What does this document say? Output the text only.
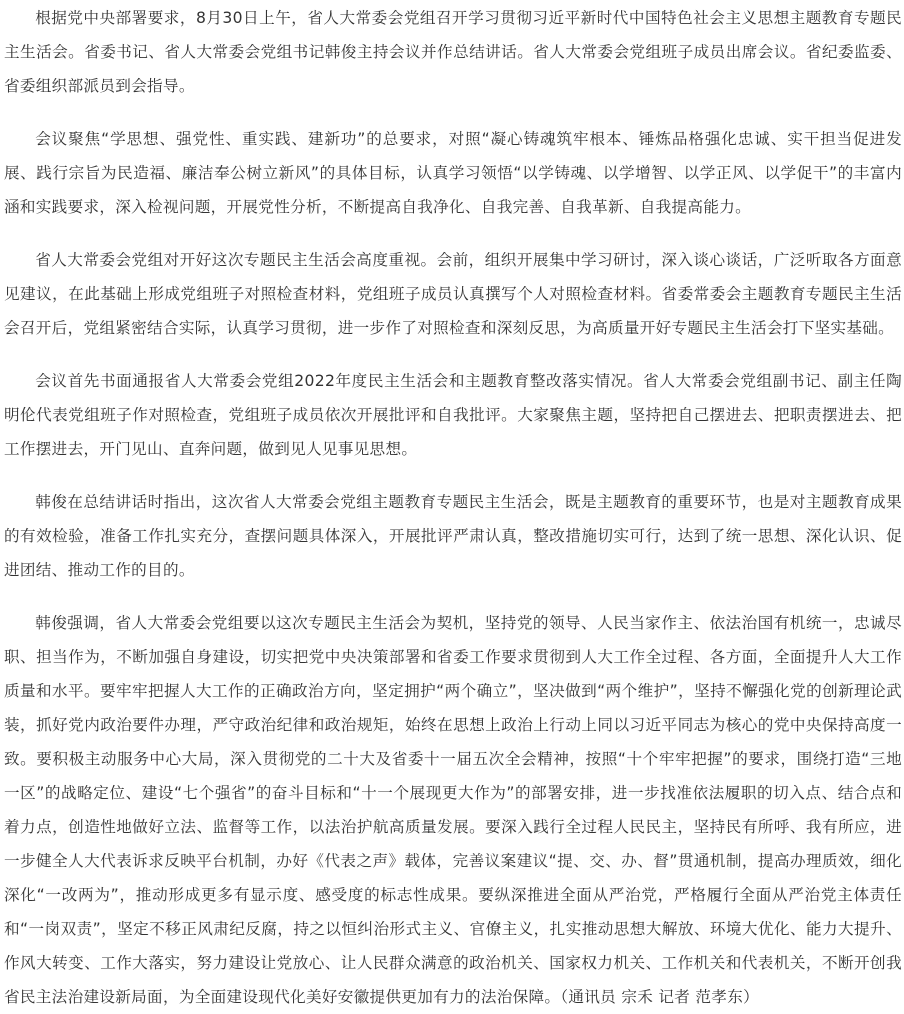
根据党中央部署要求，8月30日上午，省人大常委会党组召开学习贯彻习近平新时代中国特色社会主义思想主题教育专题民主生活会。省委书记、省人大常委会党组书记韩俊主持会议并作总结讲话。省人大常委会党组班子成员出席会议。省纪委监委、省委组织部派员到会指导。

会议聚焦“学思想、强党性、重实践、建新功”的总要求，对照“凝心铸魂筑牢根本、锤炼品格强化忠诚、实干担当促进发展、践行宗旨为民造福、廉洁奉公树立新风”的具体目标，认真学习领悟“以学铸魂、以学增智、以学正风、以学促干”的丰富内涵和实践要求，深入检视问题，开展党性分析，不断提高自我净化、自我完善、自我革新、自我提高能力。

省人大常委会党组对开好这次专题民主生活会高度重视。会前，组织开展集中学习研讨，深入谈心谈话，广泛听取各方面意见建议，在此基础上形成党组班子对照检查材料，党组班子成员认真撰写个人对照检查材料。省委常委会主题教育专题民主生活会召开后，党组紧密结合实际，认真学习贯彻，进一步作了对照检查和深刻反思，为高质量开好专题民主生活会打下坚实基础。

会议首先书面通报省人大常委会党组2022年度民主生活会和主题教育整改落实情况。省人大常委会党组副书记、副主任陶明伦代表党组班子作对照检查，党组班子成员依次开展批评和自我批评。大家聚焦主题，坚持把自己摆进去、把职责摆进去、把工作摆进去，开门见山、直奔问题，做到见人见事见思想。

韩俊在总结讲话时指出，这次省人大常委会党组主题教育专题民主生活会，既是主题教育的重要环节，也是对主题教育成果的有效检验，准备工作扎实充分，查摆问题具体深入，开展批评严肃认真，整改措施切实可行，达到了统一思想、深化认识、促进团结、推动工作的目的。

韩俊强调，省人大常委会党组要以这次专题民主生活会为契机，坚持党的领导、人民当家作主、依法治国有机统一，忠诚尽职、担当作为，不断加强自身建设，切实把党中央决策部署和省委工作要求贯彻到人大工作全过程、各方面，全面提升人大工作质量和水平。要牢牢把握人大工作的正确政治方向，坚定拥护“两个确立”，坚决做到“两个维护”，坚持不懈强化党的创新理论武装，抓好党内政治要件办理，严守政治纪律和政治规矩，始终在思想上政治上行动上同以习近平同志为核心的党中央保持高度一致。要积极主动服务中心大局，深入贯彻党的二十大及省委十一届五次全会精神，按照“十个牢牢把握”的要求，围绕打造“三地一区”的战略定位、建设“七个强省”的奋斗目标和“十一个展现更大作为”的部署安排，进一步找准依法履职的切入点、结合点和着力点，创造性地做好立法、监督等工作，以法治护航高质量发展。要深入践行全过程人民民主，坚持民有所呼、我有所应，进一步健全人大代表诉求反映平台机制，办好《代表之声》载体，完善议案建议“提、交、办、督”贯通机制，提高办理质效，细化深化“一改两为”，推动形成更多有显示度、感受度的标志性成果。要纵深推进全面从严治党，严格履行全面从严治党主体责任和“一岗双责”，坚定不移正风肃纪反腐，持之以恒纠治形式主义、官僚主义，扎实推动思想大解放、环境大优化、能力大提升、作风大转变、工作大落实，努力建设让党放心、让人民群众满意的政治机关、国家权力机关、工作机关和代表机关，不断开创我省民主法治建设新局面，为全面建设现代化美好安徽提供更加有力的法治保障。（通讯员 宗禾 记者 范孝东）
